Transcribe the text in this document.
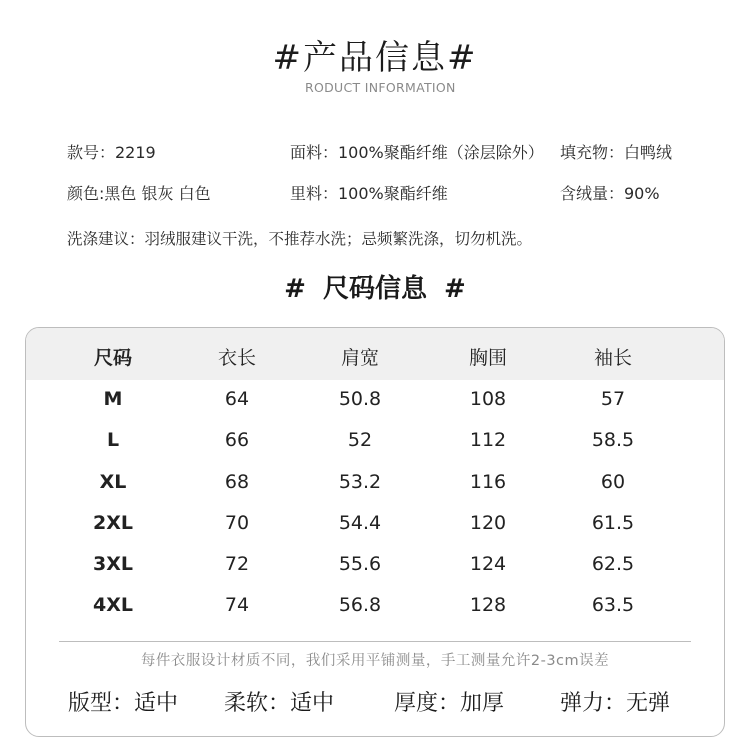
#产品信息#
RODUCT INFORMATION
款号：2219	面料：100%聚酯纤维（涂层除外） 填充物：白鸭绒
颜色:黑色 银灰 白色	里料：100%聚酯纤维	含绒量：90%
洗涤建议：羽绒服建议干洗，不推荐水洗；忌频繁洗涤，切勿机洗。
# 尺码信息 #
尺码	衣长	肩宽	胸围	袖长
M	64	50.8	108	57
L	66	52	112	58.5
XL	68	53.2	116	60
2XL	70	54.4	120	61.5
3XL	72	55.6	124	62.5
4XL	74	56.8	128	63.5
每件衣服设计材质不同，我们采用平铺测量，手工测量允许2-3cm误差
版型：适中 柔软：适中	厚度：加厚	弹力：无弹
